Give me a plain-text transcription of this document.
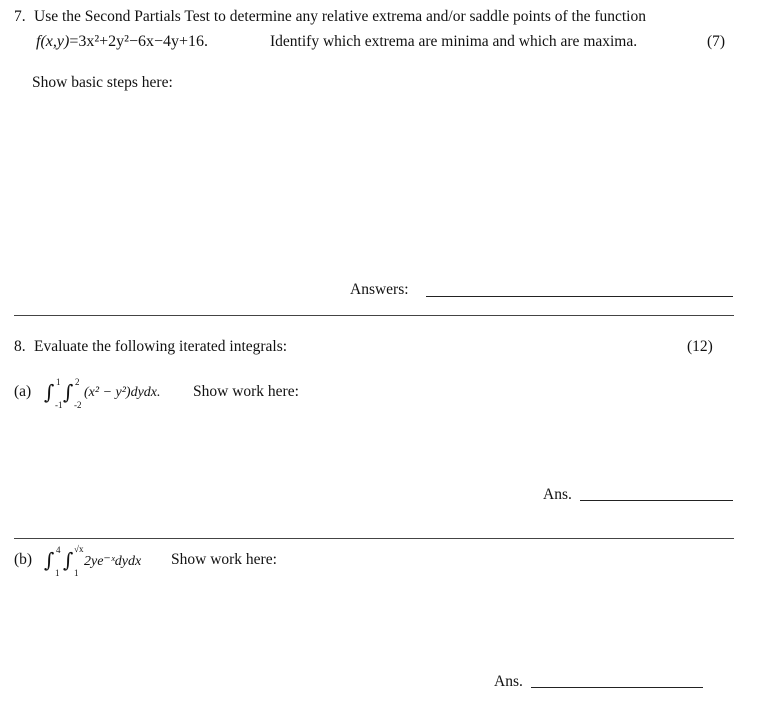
7. Use the Second Partials Test to determine any relative extrema and/or saddle points of the function
f(x,y)=3x²+2y²−6x−4y+16.	Identify which extrema are minima and which are maxima.	(7)
Show basic steps here:
Answers:
8. Evaluate the following iterated integrals:	(12)
(a) ∫ 1
-1
∫ 2
-2
(x² − y²)dydx. Show work here:
Ans.
(b) ∫ 4
1
∫ √x
1
2ye⁻ˣdydx Show work here:
Ans.
